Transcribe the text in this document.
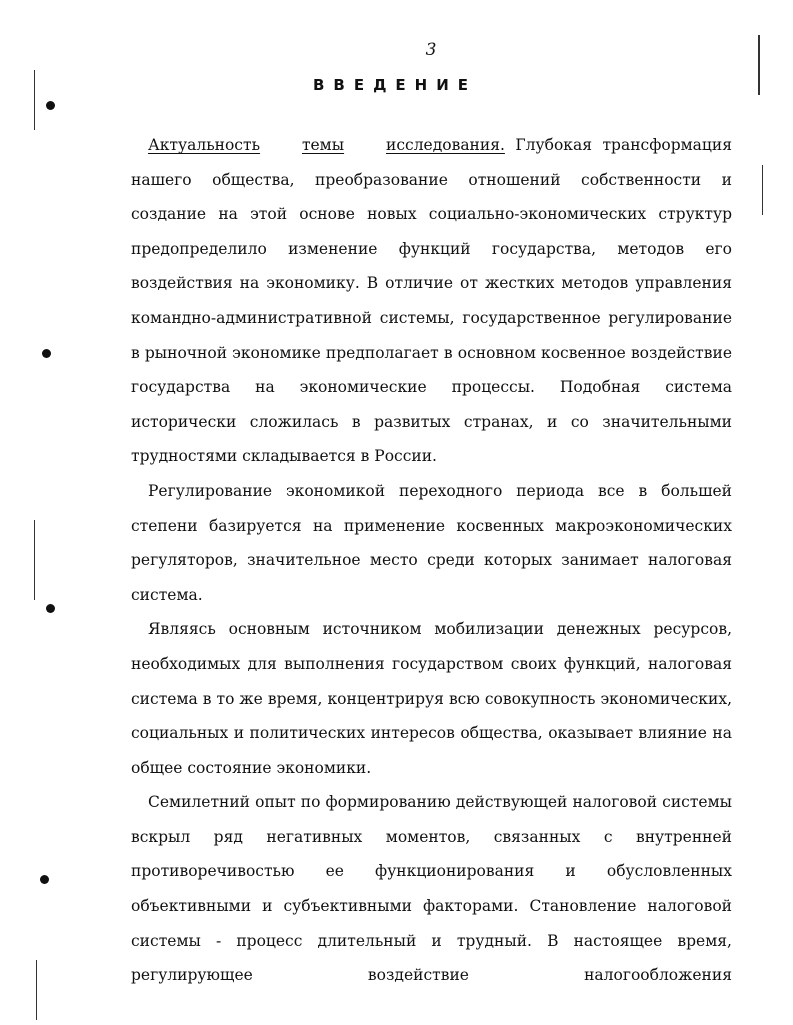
3
ВВЕДЕНИЕ

Актуальность	темы	исследования. Глубокая трансформация нашего общества, преобразование отношений собственности и создание на этой основе новых социально-экономических структур предопределило изменение функций государства, методов его воздействия на экономику. В отличие от жестких методов управления командно-административной системы, государственное регулирование в рыночной экономике предполагает в основном косвенное воздействие государства на экономические процессы. Подобная система исторически сложилась в развитых странах, и со значительными трудностями складывается в России.

Регулирование экономикой переходного периода все в большей степени базируется на применение косвенных макроэкономических регуляторов, значительное место среди которых занимает налоговая система.

Являясь основным источником мобилизации денежных ресурсов, необходимых для выполнения государством своих функций, налоговая система в то же время, концентрируя всю совокупность экономических, социальных и политических интересов общества, оказывает влияние на общее состояние экономики.

Семилетний опыт по формированию действующей налоговой системы вскрыл ряд негативных моментов, связанных с внутренней противоречивостью ее функционирования и обусловленных объективными и субъективными факторами. Становление налоговой системы - процесс длительный и трудный. В настоящее время, регулирующее воздействие налогообложения
